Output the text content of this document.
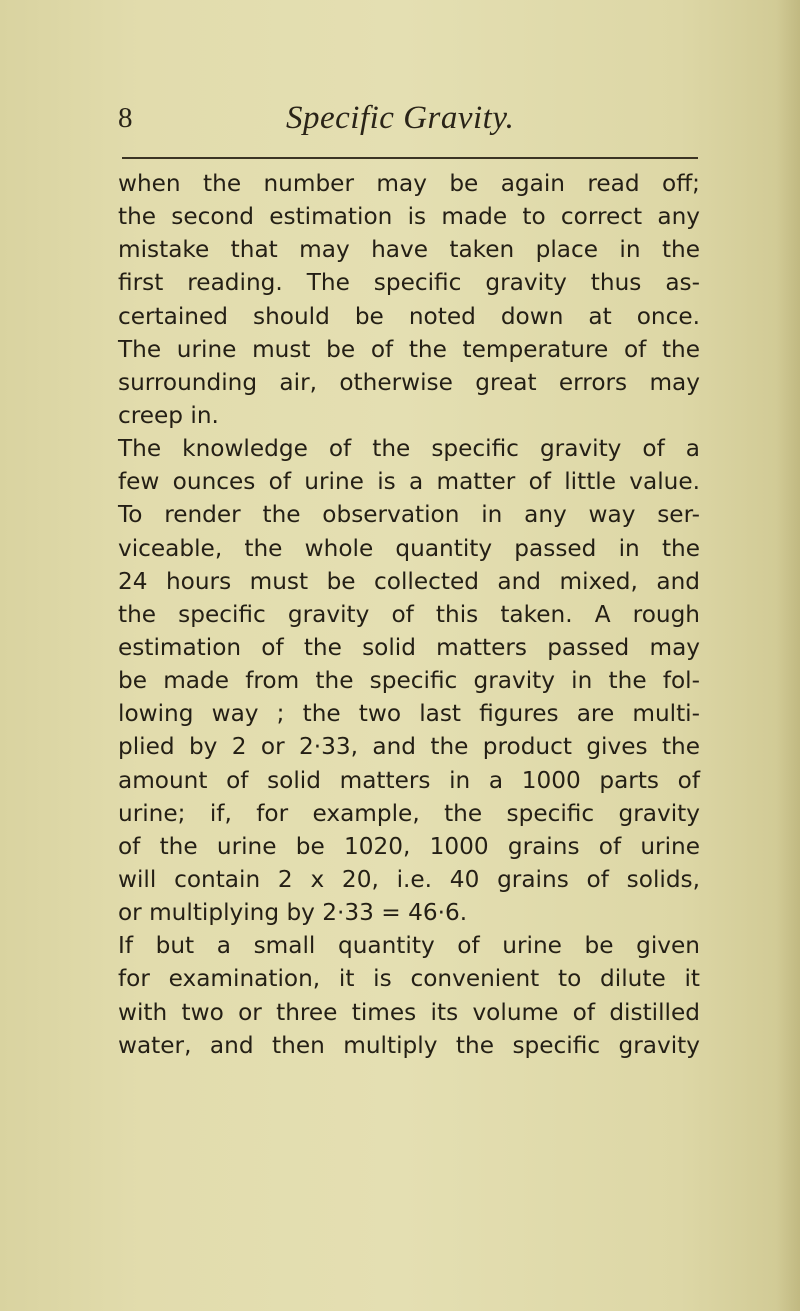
8	Specific Gravity.
when the number may be again read off;
the second estimation is made to correct any
mistake that may have taken place in the
first reading. The specific gravity thus as-
certained should be noted down at once.
The urine must be of the temperature of the
surrounding air, otherwise great errors may
creep in.
The knowledge of the specific gravity of a
few ounces of urine is a matter of little value.
To render the observation in any way ser-
viceable, the whole quantity passed in the
24 hours must be collected and mixed, and
the specific gravity of this taken. A rough
estimation of the solid matters passed may
be made from the specific gravity in the fol-
lowing way ; the two last figures are multi-
plied by 2 or 2·33, and the product gives the
amount of solid matters in a 1000 parts of
urine; if, for example, the specific gravity
of the urine be 1020, 1000 grains of urine
will contain 2 x 20, i.e. 40 grains of solids,
or multiplying by 2·33 = 46·6.
If but a small quantity of urine be given
for examination, it is convenient to dilute it
with two or three times its volume of distilled
water, and then multiply the specific gravity
